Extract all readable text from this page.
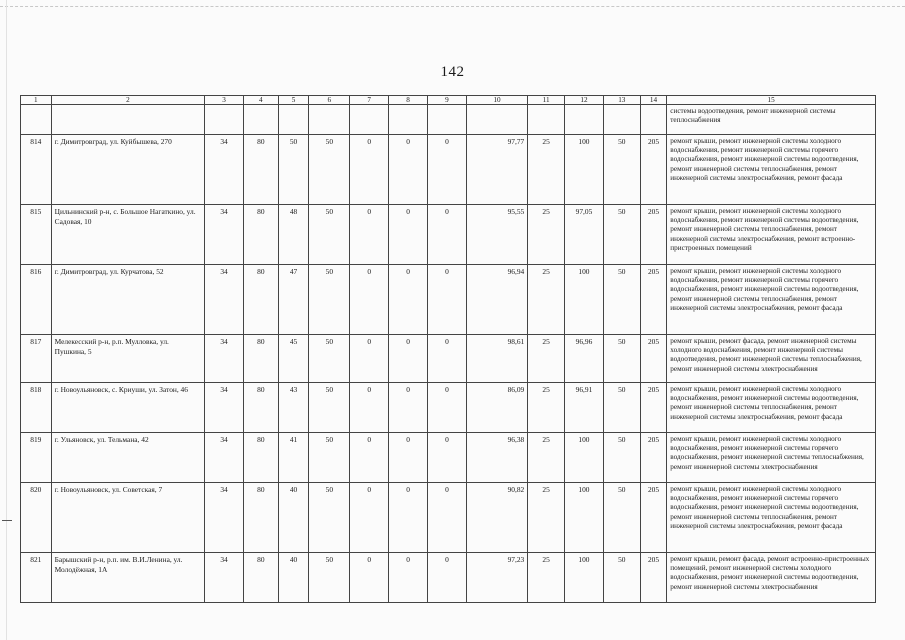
142
1	2	3	4	5	6	7	8	9	10	11	12	13	14	15
														системы водоотведения, ремонт инженерной системы теплоснабжения
814	г. Димитровград, ул. Куйбышева, 270	34	80	50	50	0	0	0	97,77	25	100	50	205	ремонт крыши, ремонт инженерной системы холодного водоснабжения, ремонт инженерной системы горячего водоснабжения, ремонт инженерной системы водоотведения, ремонт инженерной системы теплоснабжения, ремонт инженерной системы электроснабжения, ремонт фасада
815	Цильнинский р-н, с. Большое Нагаткино, ул. Садовая, 10	34	80	48	50	0	0	0	95,55	25	97,05	50	205	ремонт крыши, ремонт инженерной системы холодного водоснабжения, ремонт инженерной системы водоотведения, ремонт инженерной системы теплоснабжения, ремонт инженерной системы электроснабжения, ремонт встроенно-пристроенных помещений
816	г. Димитровград, ул. Курчатова, 52	34	80	47	50	0	0	0	96,94	25	100	50	205	ремонт крыши, ремонт инженерной системы холодного водоснабжения, ремонт инженерной системы горячего водоснабжения, ремонт инженерной системы водоотведения, ремонт инженерной системы теплоснабжения, ремонт инженерной системы электроснабжения, ремонт фасада
817	Мелекесский р-н, р.п. Мулловка, ул. Пушкина, 5	34	80	45	50	0	0	0	98,61	25	96,96	50	205	ремонт крыши, ремонт фасада, ремонт инженерной системы холодного водоснабжения, ремонт инженерной системы водоотведения, ремонт инженерной системы теплоснабжения, ремонт инженерной системы электроснабжения
818	г. Новоульяновск, с. Криуши, ул. Затон, 46	34	80	43	50	0	0	0	86,09	25	96,91	50	205	ремонт крыши, ремонт инженерной системы холодного водоснабжения, ремонт инженерной системы водоотведения, ремонт инженерной системы теплоснабжения, ремонт инженерной системы электроснабжения, ремонт фасада
819	г. Ульяновск, ул. Тельмана, 42	34	80	41	50	0	0	0	96,38	25	100	50	205	ремонт крыши, ремонт инженерной системы холодного водоснабжения, ремонт инженерной системы горячего водоснабжения, ремонт инженерной системы теплоснабжения, ремонт инженерной системы электроснабжения
820	г. Новоульяновск, ул. Советская, 7	34	80	40	50	0	0	0	90,82	25	100	50	205	ремонт крыши, ремонт инженерной системы холодного водоснабжения, ремонт инженерной системы горячего водоснабжения, ремонт инженерной системы водоотведения, ремонт инженерной системы теплоснабжения, ремонт инженерной системы электроснабжения, ремонт фасада
821	Барышский р-н, р.п. им. В.И.Ленина, ул. Молодёжная, 1А	34	80	40	50	0	0	0	97,23	25	100	50	205	ремонт крыши, ремонт фасада, ремонт встроенно-пристроенных помещений, ремонт инженерной системы холодного водоснабжения, ремонт инженерной системы водоотведения, ремонт инженерной системы электроснабжения
